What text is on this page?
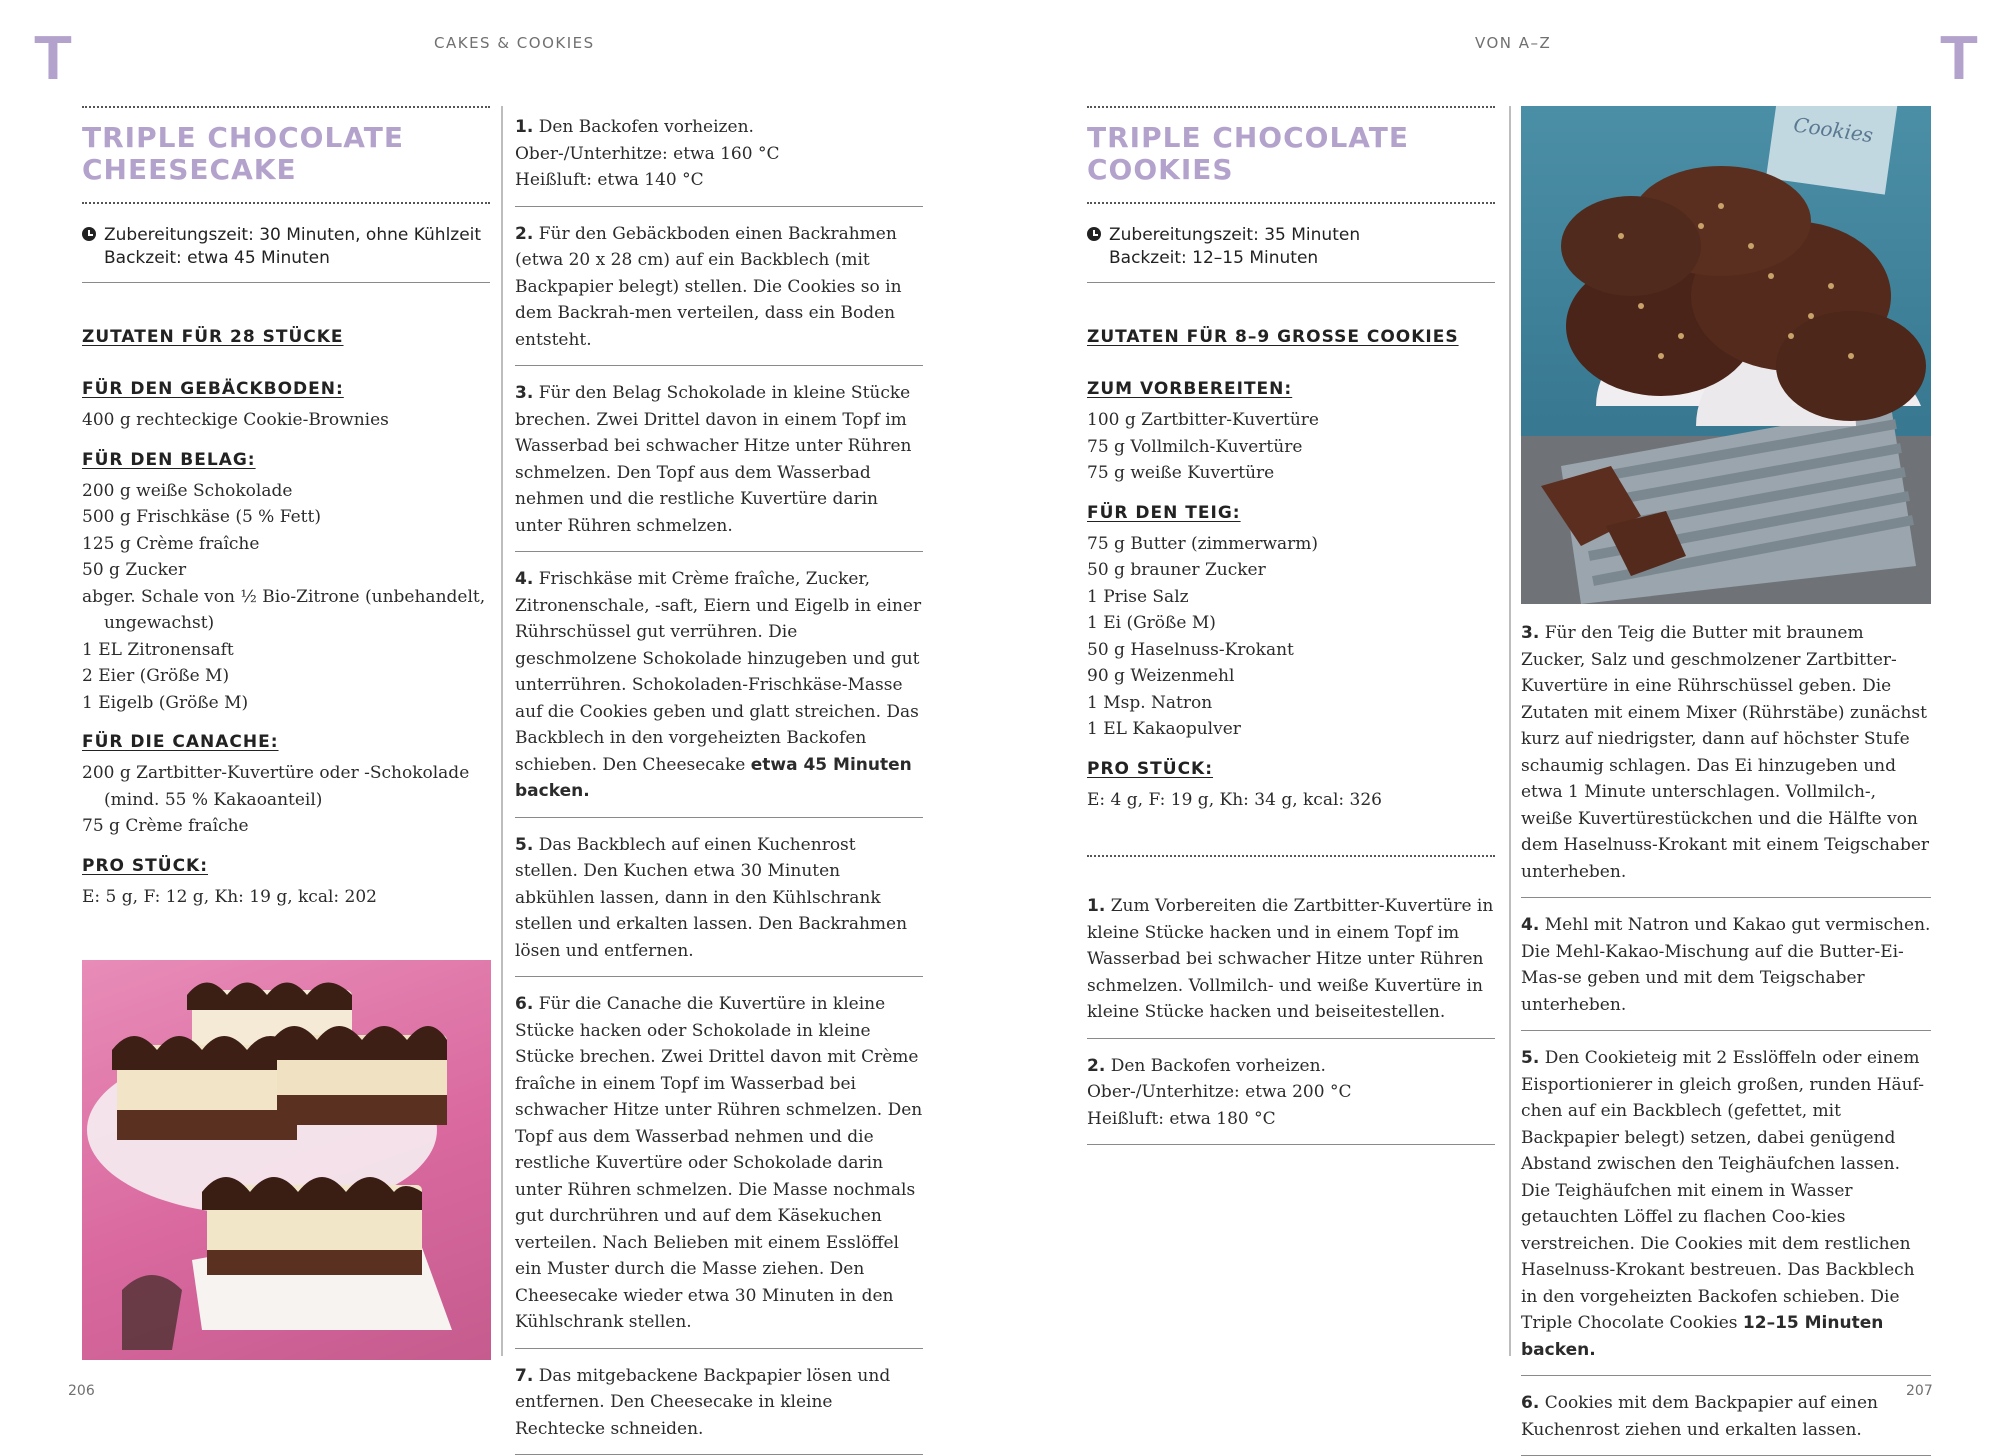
T	T
CAKES & COOKIES	VON A–Z
206	207
TRIPLE CHOCOLATE
CHEESECAKE
Zubereitungszeit: 30 Minuten, ohne Kühlzeit
Backzeit: etwa 45 Minuten
ZUTATEN FÜR 28 STÜCKE
FÜR DEN GEBÄCKBODEN:
400 g rechteckige Cookie-Brownies
FÜR DEN BELAG:
200 g weiße Schokolade
500 g Frischkäse (5 % Fett)
125 g Crème fraîche
50 g Zucker
abger. Schale von ½ Bio-Zitrone (unbehandelt, ungewachst)
1 EL Zitronensaft
2 Eier (Größe M)
1 Eigelb (Größe M)
FÜR DIE CANACHE:
200 g Zartbitter-Kuvertüre oder -Schokolade (mind. 55 % Kakaoanteil)
75 g Crème fraîche
PRO STÜCK:
E: 5 g, F: 12 g, Kh: 19 g, kcal: 202
1. Den Backofen vorheizen.
Ober-/Unterhitze: etwa 160 °C
Heißluft: etwa 140 °C
2. Für den Gebäckboden einen Backrahmen (etwa 20 x 28 cm) auf ein Backblech (mit Backpapier belegt) stellen. Die Cookies so in dem Backrah-men verteilen, dass ein Boden entsteht.
3. Für den Belag Schokolade in kleine Stücke brechen. Zwei Drittel davon in einem Topf im Wasserbad bei schwacher Hitze unter Rühren schmelzen. Den Topf aus dem Wasserbad nehmen und die restliche Kuvertüre darin unter Rühren schmelzen.
4. Frischkäse mit Crème fraîche, Zucker, Zitronenschale, -saft, Eiern und Eigelb in einer Rührschüssel gut verrühren. Die geschmolzene Schokolade hinzugeben und gut unterrühren. Schokoladen-Frischkäse-Masse auf die Cookies geben und glatt streichen. Das Backblech in den vorgeheizten Backofen schieben. Den Cheesecake etwa 45 Minuten backen.
5. Das Backblech auf einen Kuchenrost stellen. Den Kuchen etwa 30 Minuten abkühlen lassen, dann in den Kühlschrank stellen und erkalten lassen. Den Backrahmen lösen und entfernen.
6. Für die Canache die Kuvertüre in kleine Stücke hacken oder Schokolade in kleine Stücke brechen. Zwei Drittel davon mit Crème fraîche in einem Topf im Wasserbad bei schwacher Hitze unter Rühren schmelzen. Den Topf aus dem Wasserbad nehmen und die restliche Kuvertüre oder Schokolade darin unter Rühren schmelzen. Die Masse nochmals gut durchrühren und auf dem Käsekuchen verteilen. Nach Belieben mit einem Esslöffel ein Muster durch die Masse ziehen. Den Cheesecake wieder etwa 30 Minuten in den Kühlschrank stellen.
7. Das mitgebackene Backpapier lösen und entfernen. Den Cheesecake in kleine Rechtecke schneiden.
TRIPLE CHOCOLATE
COOKIES
Zubereitungszeit: 35 Minuten
Backzeit: 12–15 Minuten
ZUTATEN FÜR 8–9 GROSSE COOKIES
ZUM VORBEREITEN:
100 g Zartbitter-Kuvertüre
75 g Vollmilch-Kuvertüre
75 g weiße Kuvertüre
FÜR DEN TEIG:
75 g Butter (zimmerwarm)
50 g brauner Zucker
1 Prise Salz
1 Ei (Größe M)
50 g Haselnuss-Krokant
90 g Weizenmehl
1 Msp. Natron
1 EL Kakaopulver
PRO STÜCK:
E: 4 g, F: 19 g, Kh: 34 g, kcal: 326
1. Zum Vorbereiten die Zartbitter-Kuvertüre in kleine Stücke hacken und in einem Topf im Wasserbad bei schwacher Hitze unter Rühren schmelzen. Vollmilch- und weiße Kuvertüre in kleine Stücke hacken und beiseitestellen.
2. Den Backofen vorheizen.
Ober-/Unterhitze: etwa 200 °C
Heißluft: etwa 180 °C
Cookies
3. Für den Teig die Butter mit braunem Zucker, Salz und geschmolzener Zartbitter-Kuvertüre in eine Rührschüssel geben. Die Zutaten mit einem Mixer (Rührstäbe) zunächst kurz auf niedrigster, dann auf höchster Stufe schaumig schlagen. Das Ei hinzugeben und etwa 1 Minute unterschlagen. Vollmilch-, weiße Kuvertürestückchen und die Hälfte von dem Haselnuss-Krokant mit einem Teigschaber unterheben.
4. Mehl mit Natron und Kakao gut vermischen. Die Mehl-Kakao-Mischung auf die Butter-Ei-Mas-se geben und mit dem Teigschaber unterheben.
5. Den Cookieteig mit 2 Esslöffeln oder einem Eisportionierer in gleich großen, runden Häuf-chen auf ein Backblech (gefettet, mit Backpapier belegt) setzen, dabei genügend Abstand zwischen den Teighäufchen lassen. Die Teighäufchen mit einem in Wasser getauchten Löffel zu flachen Coo-kies verstreichen. Die Cookies mit dem restlichen Haselnuss-Krokant bestreuen. Das Backblech in den vorgeheizten Backofen schieben. Die Triple Chocolate Cookies 12–15 Minuten backen.
6. Cookies mit dem Backpapier auf einen Kuchenrost ziehen und erkalten lassen.
